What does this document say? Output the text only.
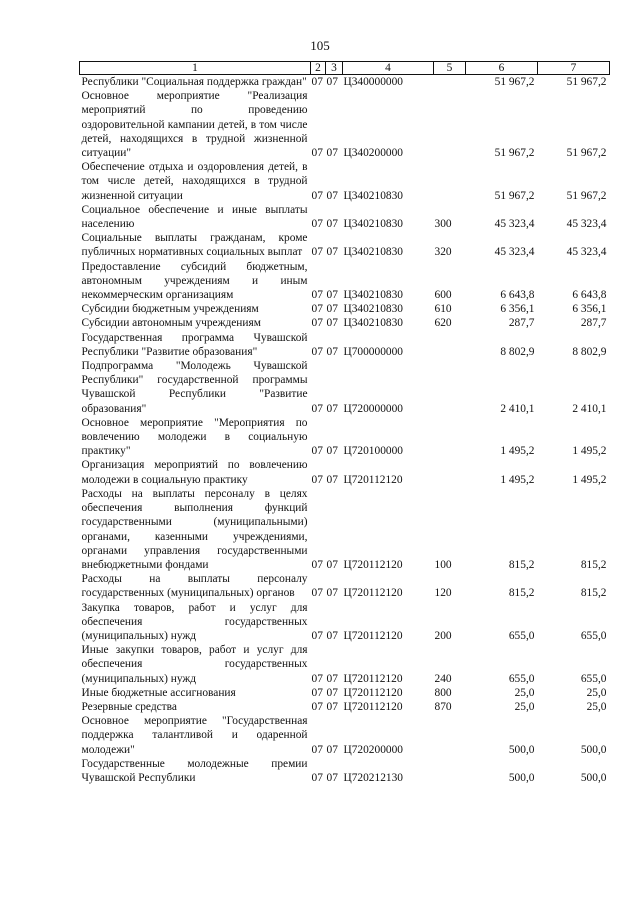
105
1	2	3	4	5	6	7
Республики "Социальная поддержка граждан"	07	07	Ц340000000		51 967,2	51 967,2
Основное мероприятие "Реализация мероприятий по проведению оздоровительной кампании детей, в том числе детей, находящихся в трудной жизненной ситуации"	07	07	Ц340200000		51 967,2	51 967,2
Обеспечение отдыха и оздоровления детей, в том числе детей, находящихся в трудной жизненной ситуации	07	07	Ц340210830		51 967,2	51 967,2
Социальное обеспечение и иные выплаты населению	07	07	Ц340210830	300	45 323,4	45 323,4
Социальные выплаты гражданам, кроме публичных нормативных социальных выплат	07	07	Ц340210830	320	45 323,4	45 323,4
Предоставление субсидий бюджетным, автономным учреждениям и иным некоммерческим организациям	07	07	Ц340210830	600	6 643,8	6 643,8
Субсидии бюджетным учреждениям	07	07	Ц340210830	610	6 356,1	6 356,1
Субсидии автономным учреждениям	07	07	Ц340210830	620	287,7	287,7
Государственная программа Чувашской Республики "Развитие образования"	07	07	Ц700000000		8 802,9	8 802,9
Подпрограмма "Молодежь Чувашской Республики" государственной программы Чувашской Республики "Развитие образования"	07	07	Ц720000000		2 410,1	2 410,1
Основное мероприятие "Мероприятия по вовлечению молодежи в социальную практику"	07	07	Ц720100000		1 495,2	1 495,2
Организация мероприятий по вовлечению молодежи в социальную практику	07	07	Ц720112120		1 495,2	1 495,2
Расходы на выплаты персоналу в целях обеспечения выполнения функций государственными (муниципальными) органами, казенными учреждениями, органами управления государственными внебюджетными фондами	07	07	Ц720112120	100	815,2	815,2
Расходы на выплаты персоналу государственных (муниципальных) органов	07	07	Ц720112120	120	815,2	815,2
Закупка товаров, работ и услуг для обеспечения государственных (муниципальных) нужд	07	07	Ц720112120	200	655,0	655,0
Иные закупки товаров, работ и услуг для обеспечения государственных (муниципальных) нужд	07	07	Ц720112120	240	655,0	655,0
Иные бюджетные ассигнования	07	07	Ц720112120	800	25,0	25,0
Резервные средства	07	07	Ц720112120	870	25,0	25,0
Основное мероприятие "Государственная поддержка талантливой и одаренной молодежи"	07	07	Ц720200000		500,0	500,0
Государственные молодежные премии Чувашской Республики	07	07	Ц720212130		500,0	500,0
